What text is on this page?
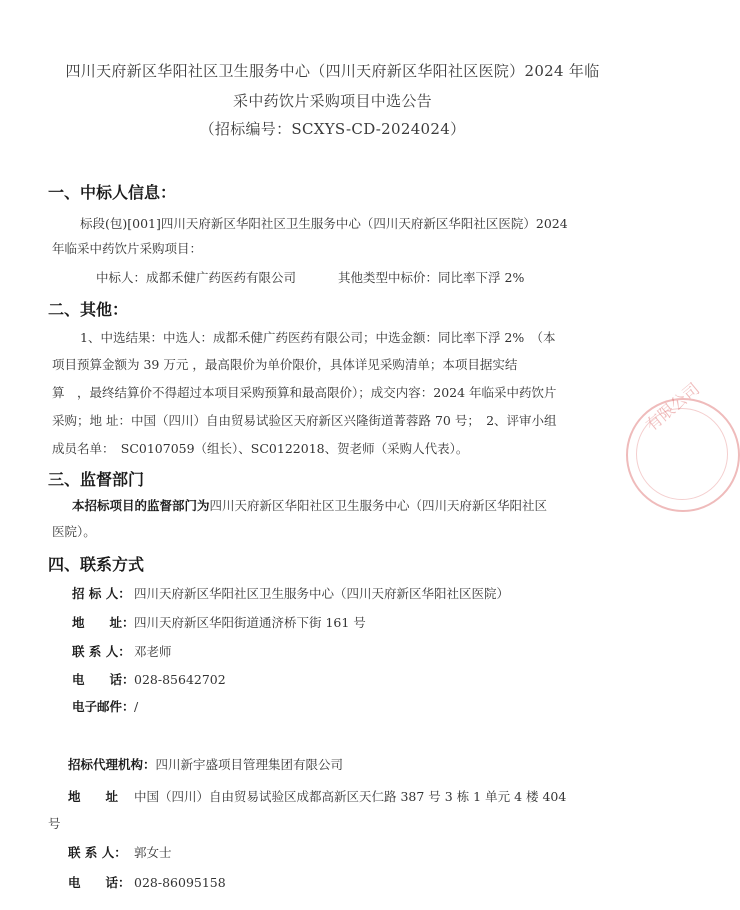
四川天府新区华阳社区卫生服务中心（四川天府新区华阳社区医院）2024 年临
采中药饮片采购项目中选公告
（招标编号：SCXYS-CD-2024024）
一、中标人信息：
标段(包)[001]四川天府新区华阳社区卫生服务中心（四川天府新区华阳社区医院）2024
年临采中药饮片采购项目：
中标人：成都禾健广药医药有限公司	其他类型中标价：同比率下浮 2%
二、其他：
1、中选结果：中选人：成都禾健广药医药有限公司；中选金额：同比率下浮 2%　（本
项目预算金额为 39 万元 ，最高限价为单价限价，具体详见采购清单；本项目据实结
算　，最终结算价不得超过本项目采购预算和最高限价）；成交内容：2024 年临采中药饮片
采购；地 址：中国（四川）自由贸易试验区天府新区兴隆街道菁蓉路 70 号；　2、评审小组
成员名单：　SC0107059（组长）、SC0122018、贺老师（采购人代表）。
三、监督部门
本招标项目的监督部门为四川天府新区华阳社区卫生服务中心（四川天府新区华阳社区
医院）。
四、联系方式
招 标 人： 四川天府新区华阳社区卫生服务中心（四川天府新区华阳社区医院）
地　　址：四川天府新区华阳街道通济桥下街 161 号
联 系 人： 邓老师
电　　话：028-85642702
电子邮件：/
招标代理机构：四川新宇盛项目管理集团有限公司
地　　址 中国（四川）自由贸易试验区成都高新区天仁路 387 号 3 栋 1 单元 4 楼 404
号
联 系 人： 郭女士
电　　话： 028-86095158
有限公司
